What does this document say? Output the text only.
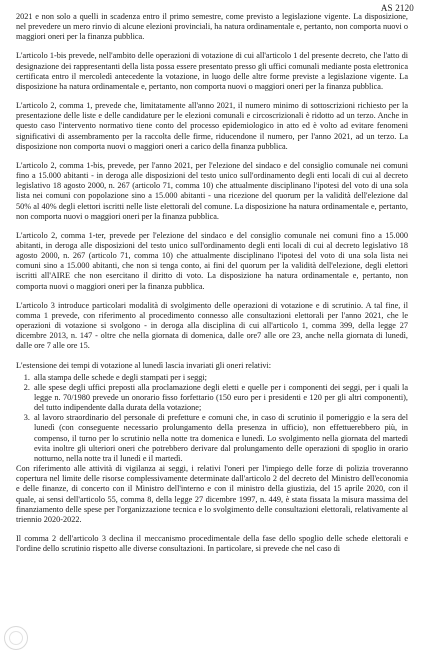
AS 2120

2021 e non solo a quelli in scadenza entro il primo semestre, come previsto a legislazione vigente. La disposizione, nel prevedere un mero rinvio di alcune elezioni provinciali, ha natura ordinamentale e, pertanto, non comporta nuovi o maggiori oneri per la finanza pubblica.

L'articolo 1-bis prevede, nell'ambito delle operazioni di votazione di cui all'articolo 1 del presente decreto, che l'atto di designazione dei rappresentanti della lista possa essere presentato presso gli uffici comunali mediante posta elettronica certificata entro il mercoledì antecedente la votazione, in luogo delle altre forme previste a legislazione vigente. La disposizione ha natura ordinamentale e, pertanto, non comporta nuovi o maggiori oneri per la finanza pubblica.

L'articolo 2, comma 1, prevede che, limitatamente all'anno 2021, il numero minimo di sottoscrizioni richiesto per la presentazione delle liste e delle candidature per le elezioni comunali e circoscrizionali è ridotto ad un terzo. Anche in questo caso l'intervento normativo tiene conto del processo epidemiologico in atto ed è volto ad evitare fenomeni significativi di assembramento per la raccolta delle firme, riducendone il numero, per l'anno 2021, ad un terzo. La disposizione non comporta nuovi o maggiori oneri a carico della finanza pubblica.

L'articolo 2, comma 1-bis, prevede, per l'anno 2021, per l'elezione del sindaco e del consiglio comunale nei comuni fino a 15.000 abitanti - in deroga alle disposizioni del testo unico sull'ordinamento degli enti locali di cui al decreto legislativo 18 agosto 2000, n. 267 (articolo 71, comma 10) che attualmente disciplinano l'ipotesi del voto di una sola lista nei comuni con popolazione sino a 15.000 abitanti - una ricezione del quorum per la validità dell'elezione dal 50% al 40% degli elettori iscritti nelle liste elettorali del comune. La disposizione ha natura ordinamentale e, pertanto, non comporta nuovi o maggiori oneri per la finanza pubblica.

L'articolo 2, comma 1-ter, prevede per l'elezione del sindaco e del consiglio comunale nei comuni fino a 15.000 abitanti, in deroga alle disposizioni del testo unico sull'ordinamento degli enti locali di cui al decreto legislativo 18 agosto 2000, n. 267 (articolo 71, comma 10) che attualmente disciplinano l'ipotesi del voto di una sola lista nei comuni sino a 15.000 abitanti, che non si tenga conto, ai fini del quorum per la validità dell'elezione, degli elettori iscritti all'AIRE che non esercitano il diritto di voto. La disposizione ha natura ordinamentale e, pertanto, non comporta nuovi o maggiori oneri per la finanza pubblica.

L'articolo 3 introduce particolari modalità di svolgimento delle operazioni di votazione e di scrutinio. A tal fine, il comma 1 prevede, con riferimento al procedimento connesso alle consultazioni elettorali per l'anno 2021, che le operazioni di votazione si svolgono - in deroga alla disciplina di cui all'articolo 1, comma 399, della legge 27 dicembre 2013, n. 147 - oltre che nella giornata di domenica, dalle ore7 alle ore 23, anche nella giornata di lunedì, dalle ore 7 alle ore 15.

L'estensione dei tempi di votazione al lunedì lascia invariati gli oneri relativi:

1. alla stampa delle schede e degli stampati per i seggi;
2. alle spese degli uffici preposti alla proclamazione degli eletti e quelle per i componenti dei seggi, per i quali la legge n. 70/1980 prevede un onorario fisso forfettario (150 euro per i presidenti e 120 per gli altri componenti), del tutto indipendente dalla durata della votazione;
3. al lavoro straordinario del personale di prefetture e comuni che, in caso di scrutinio il pomeriggio e la sera del lunedì (con conseguente necessario prolungamento della presenza in ufficio), non effettuerebbero più, in compenso, il turno per lo scrutinio nella notte tra domenica e lunedì. Lo svolgimento nella giornata del martedì evita inoltre gli ulteriori oneri che potrebbero derivare dal prolungamento delle operazioni di spoglio in orario notturno, nella notte tra il lunedì e il martedì.

Con riferimento alle attività di vigilanza ai seggi, i relativi l'oneri per l'impiego delle forze di polizia troveranno copertura nel limite delle risorse complessivamente determinate dall'articolo 2 del decreto del Ministro dell'economia e delle finanze, di concerto con il Ministro dell'interno e con il ministro della giustizia, del 15 aprile 2020, con il quale, ai sensi dell'articolo 55, comma 8, della legge 27 dicembre 1997, n. 449, è stata fissata la misura massima del finanziamento delle spese per l'organizzazione tecnica e lo svolgimento delle consultazioni elettorali, relativamente al triennio 2020-2022.

Il comma 2 dell'articolo 3 declina il meccanismo procedimentale della fase dello spoglio delle schede elettorali e l'ordine dello scrutinio rispetto alle diverse consultazioni. In particolare, si prevede che nel caso di
